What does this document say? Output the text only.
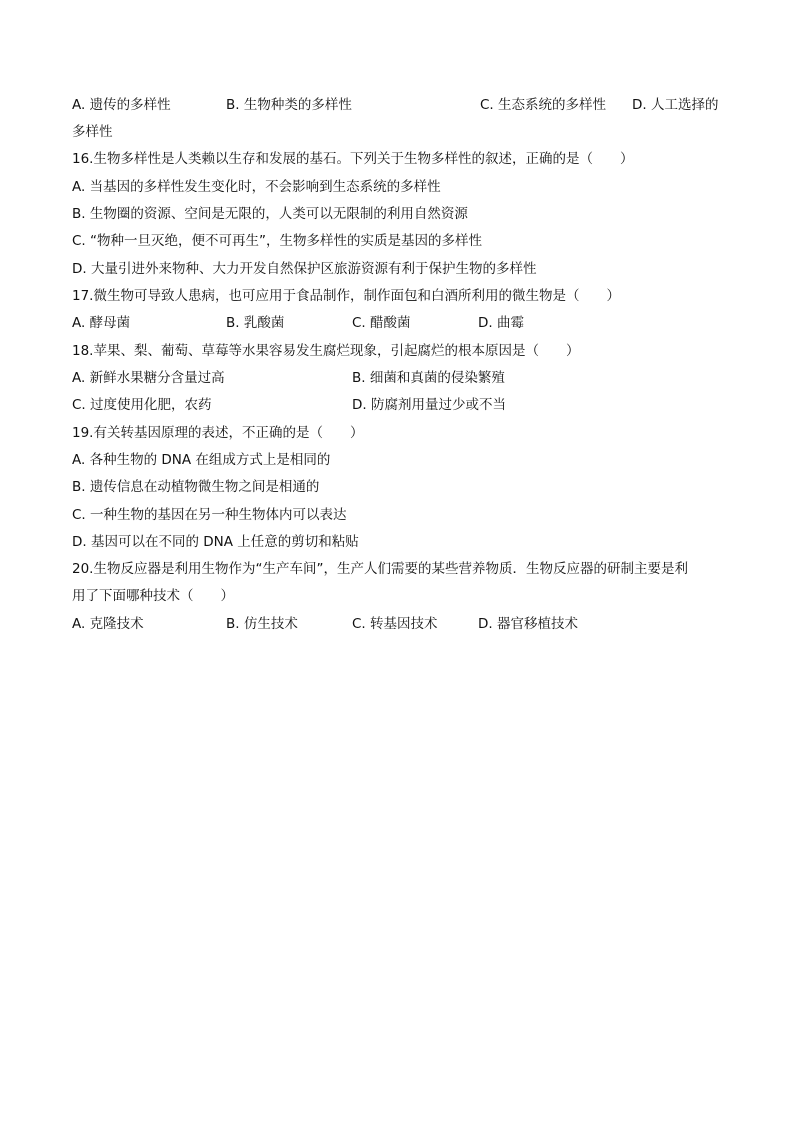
A. 遗传的多样性	B. 生物种类的多样性	C. 生态系统的多样性 D. 人工选择的
多样性
16.生物多样性是人类赖以生存和发展的基石。下列关于生物多样性的叙述，正确的是（　　）
A. 当基因的多样性发生变化时，不会影响到生态系统的多样性
B. 生物圈的资源、空间是无限的，人类可以无限制的利用自然资源
C. “物种一旦灭绝，便不可再生”，生物多样性的实质是基因的多样性
D. 大量引进外来物种、大力开发自然保护区旅游资源有利于保护生物的多样性
17.微生物可导致人患病，也可应用于食品制作，制作面包和白酒所利用的微生物是（　　）
A. 酵母菌	B. 乳酸菌	C. 醋酸菌	D. 曲霉
18.苹果、梨、葡萄、草莓等水果容易发生腐烂现象，引起腐烂的根本原因是（　　）
A. 新鲜水果糖分含量过高	B. 细菌和真菌的侵染繁殖
C. 过度使用化肥，农药	D. 防腐剂用量过少或不当
19.有关转基因原理的表述，不正确的是（　　）
A. 各种生物的 DNA 在组成方式上是相同的
B. 遗传信息在动植物微生物之间是相通的
C. 一种生物的基因在另一种生物体内可以表达
D. 基因可以在不同的 DNA 上任意的剪切和粘贴
20.生物反应器是利用生物作为“生产车间”，生产人们需要的某些营养物质．生物反应器的研制主要是利
用了下面哪种技术（　　）
A. 克隆技术	B. 仿生技术	C. 转基因技术	D. 器官移植技术
